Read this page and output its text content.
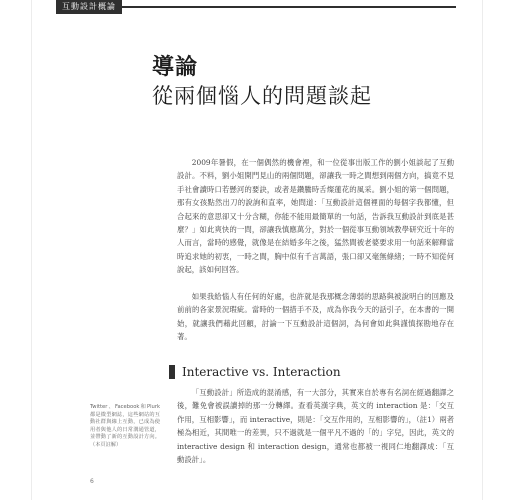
互動設計概論
導論
從兩個惱人的問題談起

2009年暑假，在一個偶然的機會裡，和一位從事出版工作的劉小姐談起了互動設計。不料，劉小姐開門見山的兩個問題，卻讓我一時之間想到兩個方向，搞竟不見手社會讀時口若懸河的要訣，或者是鑽騰時舌燦蓮花的風采。劉小姐的第一個問題，那有女孩點然出刀的說詢和直率，她問道：「互動設計這個裡面的每個字我都懂，但合起來的意思卻又十分含糊，你能不能用最簡單的一句話，告訴我互動設計到底是甚麼？」如此爽快的一問，卻讓我慎應萬分，對於一個從事互動領域教學研究近十年的人而言，當時的感覺，就像是在結婚多年之後，猛然間被老婆要求用一句話來解釋當時追求她的初衷，一時之間，胸中似有千言萬語，張口卻又毫無條緒；一時不知從何說起，該如何回答。

如果我給惱人有任何的好處，也許就是我那概念薄弱的思路與被說明白的回應及前前的各家景況瑕疵。當時的一個措手不及，成為你我今天的話引子，在本書的一開始，就讓我們藉此回顧，討論一下互動設計這個詞，為何會如此與謹慎探勘地存在著。

Interactive vs. Interaction

「互動設計」所造成的混淆感，有一大部分，其實來自於專有名詞在經過翻譯之後，難免會被誤讀掉的那一分轉繹。查看英漢字典，英文的 interaction 是：「交互作用，互相影響」，而 interactive，則是：「交互作用的，互相影響的」，（註1）兩者極為相近，其間唯一的差異，只不過就是一個平凡不過的「的」字兒，因此，英文的 interactive design 和 interaction design，通常也都被一視同仁地翻譯成：「互動設計」。

Twitter、Facebook和Plurk都是微型網誌，這些網站的互動社群與線上互動，已成為使用者與他人的日常溝通管道，並帶動了新的互動設計方向。（本頁註解）

6
